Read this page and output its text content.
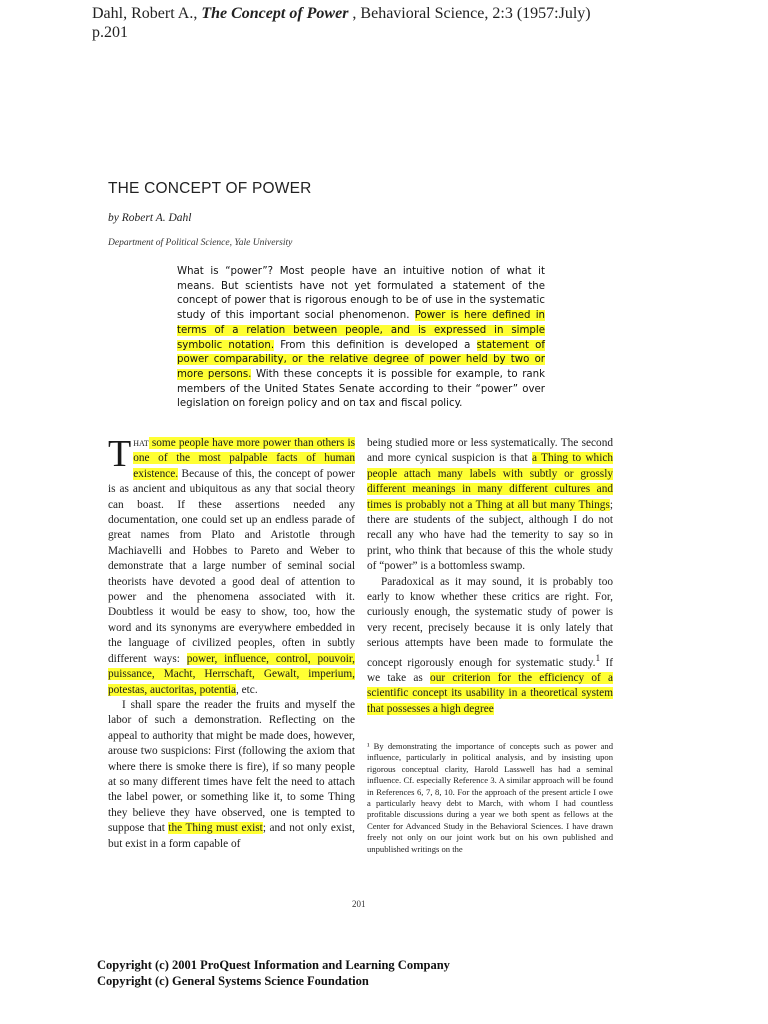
Dahl, Robert A., The Concept of Power , Behavioral Science, 2:3 (1957:July)
p.201
THE CONCEPT OF POWER
by Robert A. Dahl
Department of Political Science, Yale University
What is “power”? Most people have an intuitive notion of what it means. But scientists have not yet formulated a statement of the concept of power that is rigorous enough to be of use in the systematic study of this important social phenomenon. Power is here defined in terms of a relation between people, and is expressed in simple symbolic notation. From this definition is developed a statement of power comparability, or the relative degree of power held by two or more persons. With these concepts it is possible for example, to rank members of the United States Senate according to their “power” over legislation on foreign policy and on tax and fiscal policy.

That some people have more power than others is one of the most palpable facts of human existence. Because of this, the concept of power is as ancient and ubiquitous as any that social theory can boast. If these assertions needed any documentation, one could set up an endless parade of great names from Plato and Aristotle through Machiavelli and Hobbes to Pareto and Weber to demonstrate that a large number of seminal social theorists have devoted a good deal of attention to power and the phenomena associated with it. Doubtless it would be easy to show, too, how the word and its synonyms are everywhere embedded in the language of civilized peoples, often in subtly different ways: power, influence, control, pouvoir, puissance, Macht, Herrschaft, Gewalt, imperium, potestas, auctoritas, potentia, etc.

I shall spare the reader the fruits and myself the labor of such a demonstration. Reflecting on the appeal to authority that might be made does, however, arouse two suspicions: First (following the axiom that where there is smoke there is fire), if so many people at so many different times have felt the need to attach the label power, or something like it, to some Thing they believe they have observed, one is tempted to suppose that the Thing must exist; and not only exist, but exist in a form capable of

being studied more or less systematically. The second and more cynical suspicion is that a Thing to which people attach many labels with subtly or grossly different meanings in many different cultures and times is probably not a Thing at all but many Things; there are students of the subject, although I do not recall any who have had the temerity to say so in print, who think that because of this the whole study of “power” is a bottomless swamp.

Paradoxical as it may sound, it is probably too early to know whether these critics are right. For, curiously enough, the systematic study of power is very recent, precisely because it is only lately that serious attempts have been made to formulate the concept rigorously enough for systematic study.$^1$ If we take as our criterion for the efficiency of a scientific concept its usability in a theoretical system that possesses a high degree

¹ By demonstrating the importance of concepts such as power and influence, particularly in political analysis, and by insisting upon rigorous conceptual clarity, Harold Lasswell has had a seminal influence. Cf. especially Reference 3. A similar approach will be found in References 6, 7, 8, 10. For the approach of the present article I owe a particularly heavy debt to March, with whom I had countless profitable discussions during a year we both spent as fellows at the Center for Advanced Study in the Behavioral Sciences. I have drawn freely not only on our joint work but on his own published and unpublished writings on the
201
Copyright (c) 2001 ProQuest Information and Learning Company
Copyright (c) General Systems Science Foundation
